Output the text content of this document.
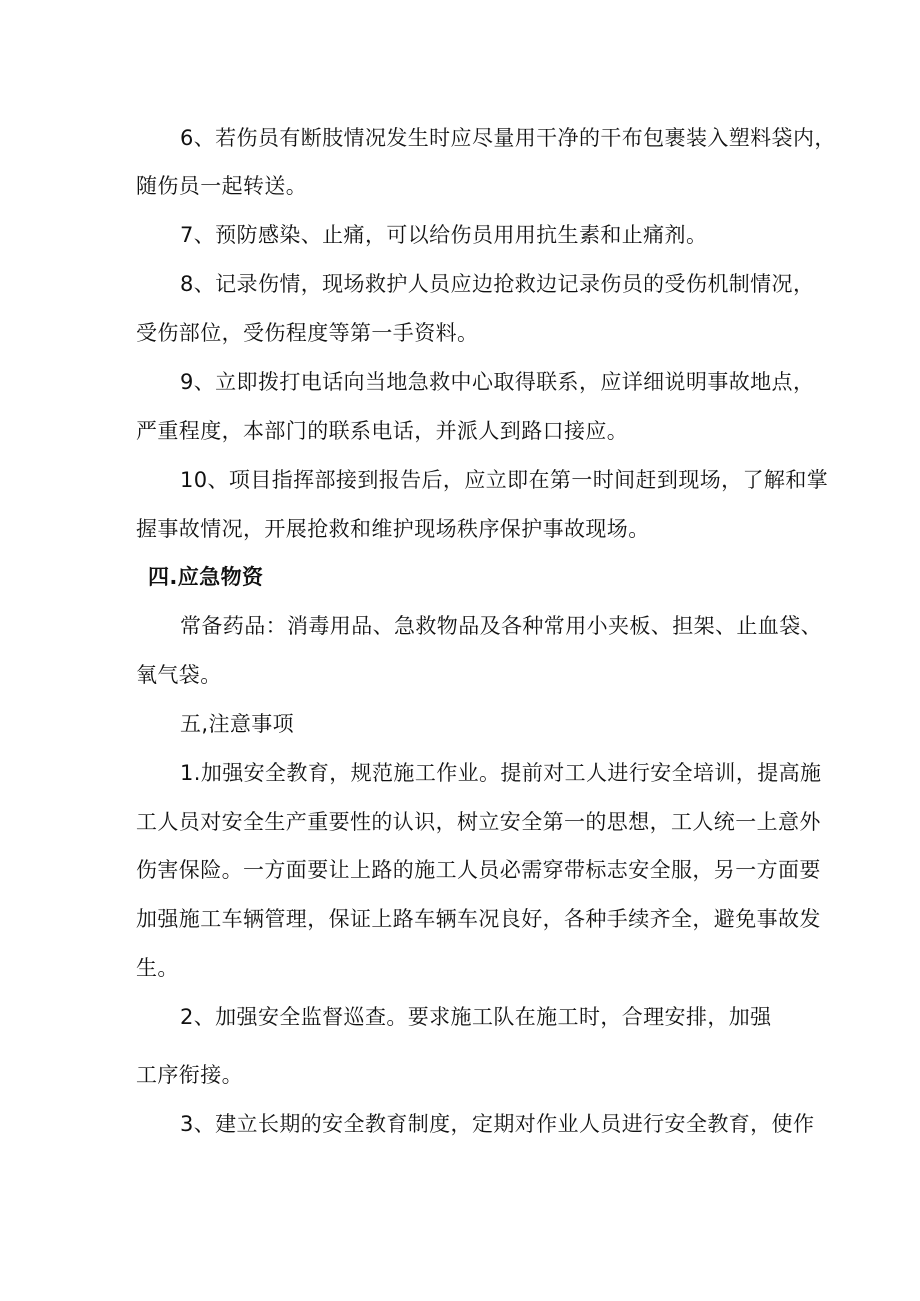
6、若伤员有断肢情况发生时应尽量用干净的干布包裹装入塑料袋内，
随伤员一起转送。
7、预防感染、止痛，可以给伤员用用抗生素和止痛剂。
8、记录伤情，现场救护人员应边抢救边记录伤员的受伤机制情况，
受伤部位，受伤程度等第一手资料。
9、立即拨打电话向当地急救中心取得联系，应详细说明事故地点，
严重程度，本部门的联系电话，并派人到路口接应。
10、项目指挥部接到报告后，应立即在第一时间赶到现场，了解和掌
握事故情况，开展抢救和维护现场秩序保护事故现场。
四.应急物资
常备药品：消毒用品、急救物品及各种常用小夹板、担架、止血袋、
氧气袋。
五,注意事项
1.加强安全教育，规范施工作业。提前对工人进行安全培训，提高施
工人员对安全生产重要性的认识，树立安全第一的思想，工人统一上意外
伤害保险。一方面要让上路的施工人员必需穿带标志安全服，另一方面要
加强施工车辆管理，保证上路车辆车况良好，各种手续齐全，避免事故发
生。
2、加强安全监督巡查。要求施工队在施工时，合理安排，加强
工序衔接。
3、建立长期的安全教育制度，定期对作业人员进行安全教育，使作
